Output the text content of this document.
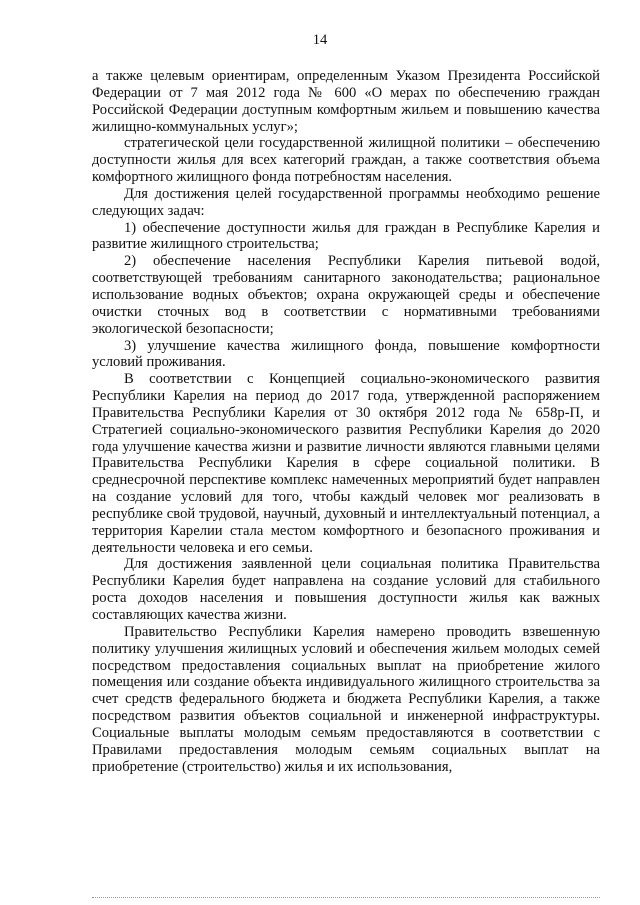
14

а также целевым ориентирам, определенным Указом Президента Российской Федерации от 7 мая 2012 года № 600 «О мерах по обеспечению граждан Российской Федерации доступным комфортным жильем и повышению качества жилищно-коммунальных услуг»;

стратегической цели государственной жилищной политики – обеспечению доступности жилья для всех категорий граждан, а также соответствия объема комфортного жилищного фонда потребностям населения.

Для достижения целей государственной программы необходимо решение следующих задач:

1) обеспечение доступности жилья для граждан в Республике Карелия и развитие жилищного строительства;

2) обеспечение населения Республики Карелия питьевой водой, соответствующей требованиям санитарного законодательства; рациональное использование водных объектов; охрана окружающей среды и обеспечение очистки сточных вод в соответствии с нормативными требованиями экологической безопасности;

3) улучшение качества жилищного фонда, повышение комфортности условий проживания.

В соответствии с Концепцией социально-экономического развития Республики Карелия на период до 2017 года, утвержденной распоряжением Правительства Республики Карелия от 30 октября 2012 года № 658р-П, и Стратегией социально-экономического развития Республики Карелия до 2020 года улучшение качества жизни и развитие личности являются главными целями Правительства Республики Карелия в сфере социальной политики. В среднесрочной перспективе комплекс намеченных мероприятий будет направлен на создание условий для того, чтобы каждый человек мог реализовать в республике свой трудовой, научный, духовный и интеллектуальный потенциал, а территория Карелии стала местом комфортного и безопасного проживания и деятельности человека и его семьи.

Для достижения заявленной цели социальная политика Правительства Республики Карелия будет направлена на создание условий для стабильного роста доходов населения и повышения доступности жилья как важных составляющих качества жизни.

Правительство Республики Карелия намерено проводить взвешенную политику улучшения жилищных условий и обеспечения жильем молодых семей посредством предоставления социальных выплат на приобретение жилого помещения или создание объекта индивидуального жилищного строительства за счет средств федерального бюджета и бюджета Республики Карелия, а также посредством развития объектов социальной и инженерной инфраструктуры. Социальные выплаты молодым семьям предоставляются в соответствии с Правилами предоставления молодым семьям социальных выплат на приобретение (строительство) жилья и их использования,
